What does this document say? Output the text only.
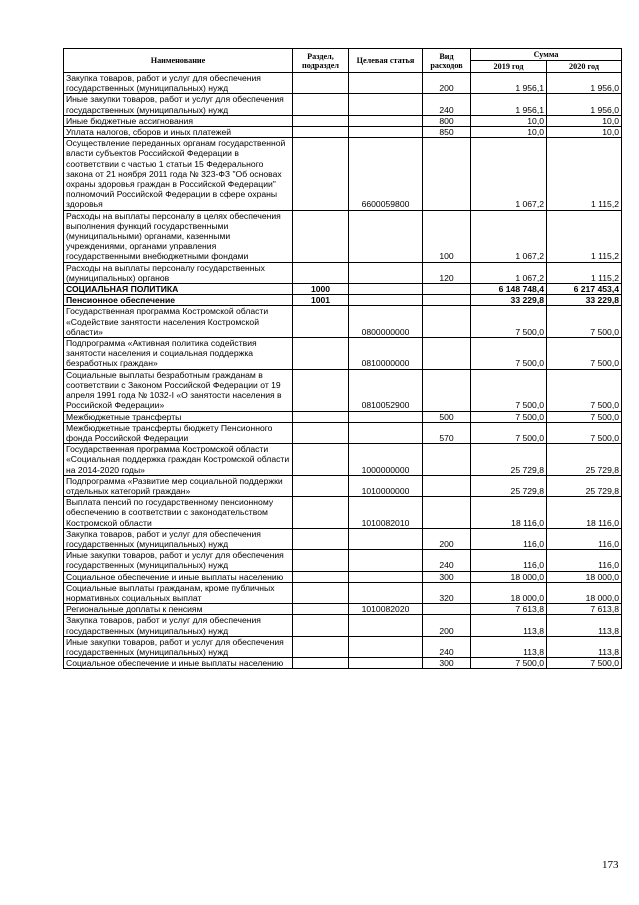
Наименование	Раздел, подраздел	Целевая статья	Вид расходов	Сумма	
				2019 год	2020 год
Закупка товаров, работ и услуг для обеспечения государственных (муниципальных) нужд			200	1 956,1	1 956,0
Иные закупки товаров, работ и услуг для обеспечения государственных (муниципальных) нужд			240	1 956,1	1 956,0
Иные бюджетные ассигнования			800	10,0	10,0
Уплата налогов, сборов и иных платежей			850	10,0	10,0
Осуществление переданных органам государственной власти субъектов Российской Федерации в соответствии с частью 1 статьи 15 Федерального закона от 21 ноября 2011 года № 323-ФЗ "Об основах охраны здоровья граждан в Российской Федерации" полномочий Российской Федерации в сфере охраны здоровья		6600059800		1 067,2	1 115,2
Расходы на выплаты персоналу в целях обеспечения выполнения функций государственными (муниципальными) органами, казенными учреждениями, органами управления государственными внебюджетными фондами			100	1 067,2	1 115,2
Расходы на выплаты персоналу государственных (муниципальных) органов			120	1 067,2	1 115,2
СОЦИАЛЬНАЯ ПОЛИТИКА	1000			6 148 748,4	6 217 453,4
Пенсионное обеспечение	1001			33 229,8	33 229,8
Государственная программа Костромской области «Содействие занятости населения Костромской области»		0800000000		7 500,0	7 500,0
Подпрограмма «Активная политика содействия занятости населения и социальная поддержка безработных граждан»		0810000000		7 500,0	7 500,0
Социальные выплаты безработным гражданам в соответствии с Законом Российской Федерации от 19 апреля 1991 года № 1032-I «О занятости населения в Российской Федерации»		0810052900		7 500,0	7 500,0
Межбюджетные трансферты			500	7 500,0	7 500,0
Межбюджетные трансферты бюджету Пенсионного фонда Российской Федерации			570	7 500,0	7 500,0
Государственная программа Костромской области «Социальная поддержка граждан Костромской области на 2014-2020 годы»		1000000000		25 729,8	25 729,8
Подпрограмма «Развитие мер социальной поддержки отдельных категорий граждан»		1010000000		25 729,8	25 729,8
Выплата пенсий по государственному пенсионному обеспечению в соответствии с законодательством Костромской области		1010082010		18 116,0	18 116,0
Закупка товаров, работ и услуг для обеспечения государственных (муниципальных) нужд			200	116,0	116,0
Иные закупки товаров, работ и услуг для обеспечения государственных (муниципальных) нужд			240	116,0	116,0
Социальное обеспечение и иные выплаты населению			300	18 000,0	18 000,0
Социальные выплаты гражданам, кроме публичных нормативных социальных выплат			320	18 000,0	18 000,0
Региональные доплаты к пенсиям		1010082020		7 613,8	7 613,8
Закупка товаров, работ и услуг для обеспечения государственных (муниципальных) нужд			200	113,8	113,8
Иные закупки товаров, работ и услуг для обеспечения государственных (муниципальных) нужд			240	113,8	113,8
Социальное обеспечение и иные выплаты населению			300	7 500,0	7 500,0
173
